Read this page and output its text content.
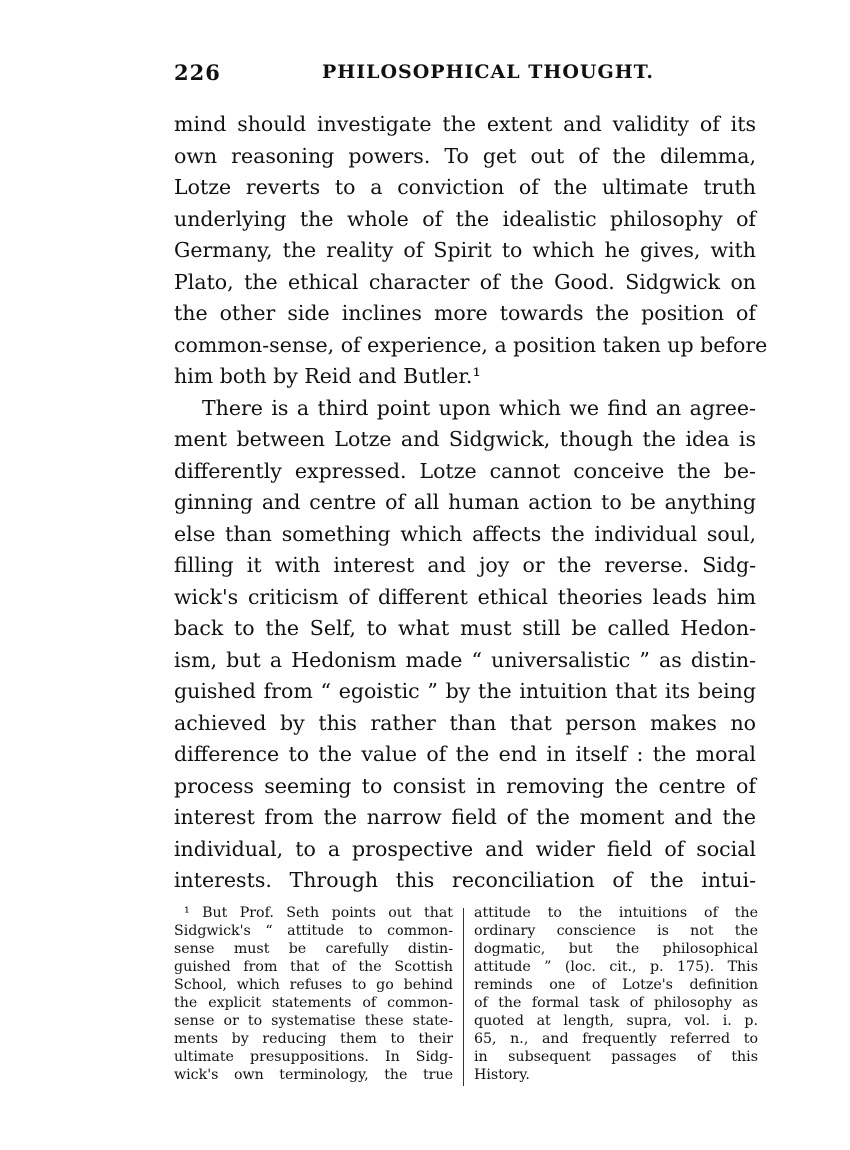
226	PHILOSOPHICAL THOUGHT.
mind should investigate the extent and validity of its
own reasoning powers. To get out of the dilemma,
Lotze reverts to a conviction of the ultimate truth
underlying the whole of the idealistic philosophy of
Germany, the reality of Spirit to which he gives, with
Plato, the ethical character of the Good. Sidgwick on
the other side inclines more towards the position of
common-sense, of experience, a position taken up before
him both by Reid and Butler.¹
There is a third point upon which we find an agree-
ment between Lotze and Sidgwick, though the idea is
differently expressed. Lotze cannot conceive the be-
ginning and centre of all human action to be anything
else than something which affects the individual soul,
filling it with interest and joy or the reverse. Sidg-
wick's criticism of different ethical theories leads him
back to the Self, to what must still be called Hedon-
ism, but a Hedonism made “ universalistic ” as distin-
guished from “ egoistic ” by the intuition that its being
achieved by this rather than that person makes no
difference to the value of the end in itself : the moral
process seeming to consist in removing the centre of
interest from the narrow field of the moment and the
individual, to a prospective and wider field of social
interests. Through this reconciliation of the intui-
¹ But Prof. Seth points out that
Sidgwick's “ attitude to common-
sense must be carefully distin-
guished from that of the Scottish
School, which refuses to go behind
the explicit statements of common-
sense or to systematise these state-
ments by reducing them to their
ultimate presuppositions. In Sidg-
wick's own terminology, the true
attitude to the intuitions of the
ordinary conscience is not the
dogmatic, but the philosophical
attitude ” (loc. cit., p. 175). This
reminds one of Lotze's definition
of the formal task of philosophy as
quoted at length, supra, vol. i. p.
65, n., and frequently referred to
in subsequent passages of this
History.
